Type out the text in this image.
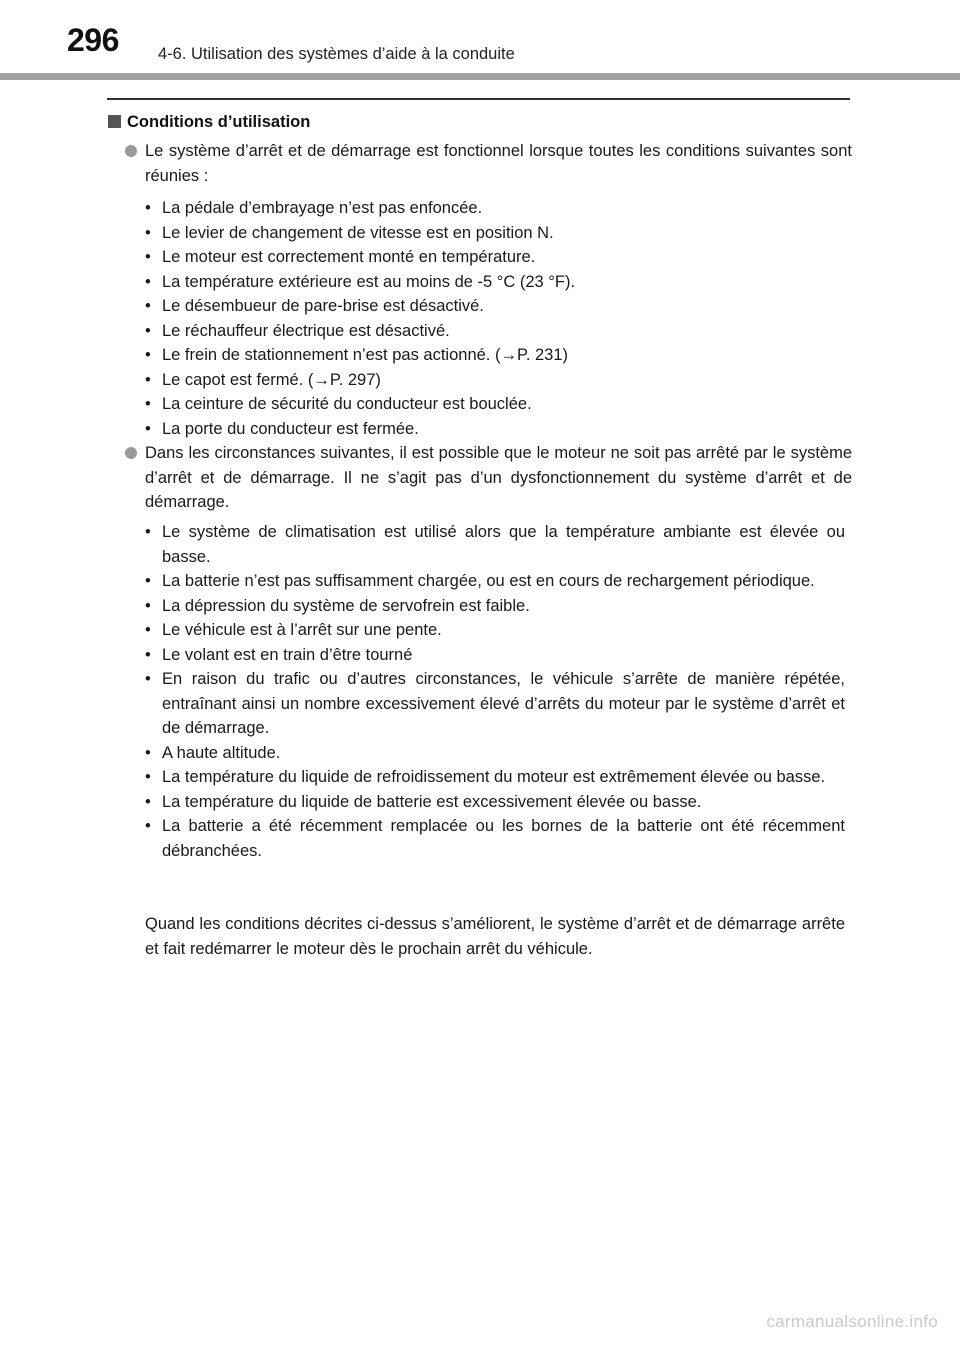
296 4-6. Utilisation des systèmes d’aide à la conduite
Conditions d’utilisation
Le système d’arrêt et de démarrage est fonctionnel lorsque toutes les conditions suivantes sont réunies :
• La pédale d’embrayage n’est pas enfoncée.
• Le levier de changement de vitesse est en position N.
• Le moteur est correctement monté en température.
• La température extérieure est au moins de -5 °C (23 °F).
• Le désembueur de pare-brise est désactivé.
• Le réchauffeur électrique est désactivé.
• Le frein de stationnement n’est pas actionné. (→P. 231)
• Le capot est fermé. (→P. 297)
• La ceinture de sécurité du conducteur est bouclée.
• La porte du conducteur est fermée.
Dans les circonstances suivantes, il est possible que le moteur ne soit pas arrêté par le système d’arrêt et de démarrage. Il ne s’agit pas d’un dysfonctionnement du système d’arrêt et de démarrage.
• Le système de climatisation est utilisé alors que la température ambiante est élevée ou basse.
• La batterie n’est pas suffisamment chargée, ou est en cours de rechargement périodique.
• La dépression du système de servofrein est faible.
• Le véhicule est à l’arrêt sur une pente.
• Le volant est en train d’être tourné
• En raison du trafic ou d’autres circonstances, le véhicule s’arrête de manière répétée, entraînant ainsi un nombre excessivement élevé d’arrêts du moteur par le système d’arrêt et de démarrage.
• A haute altitude.
• La température du liquide de refroidissement du moteur est extrêmement élevée ou basse.
• La température du liquide de batterie est excessivement élevée ou basse.
• La batterie a été récemment remplacée ou les bornes de la batterie ont été récemment débranchées.
Quand les conditions décrites ci-dessus s’améliorent, le système d’arrêt et de démarrage arrête et fait redémarrer le moteur dès le prochain arrêt du véhicule.
carmanualsonline.info
